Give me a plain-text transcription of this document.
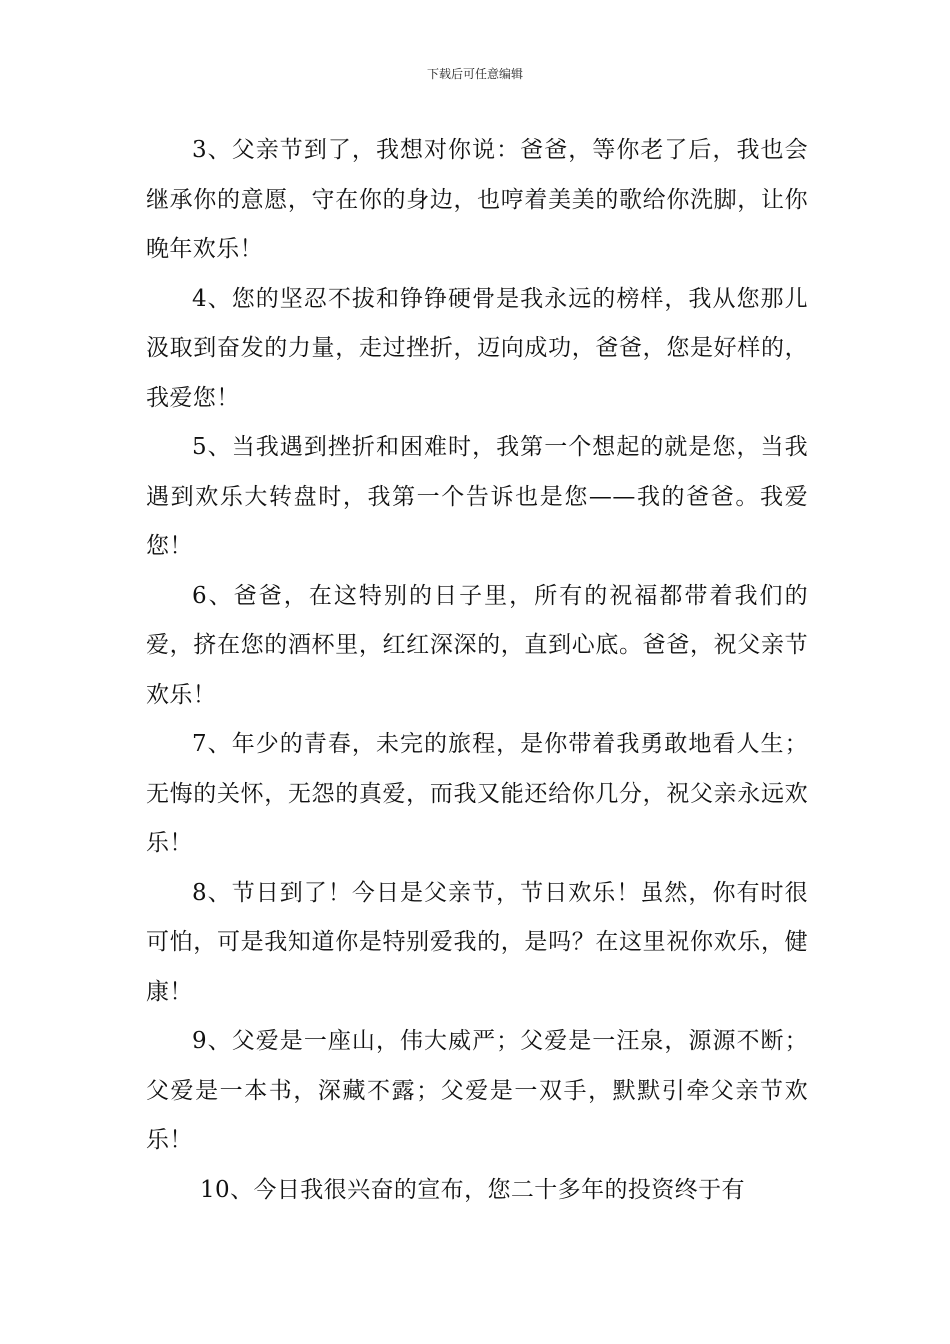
下载后可任意编辑

3、父亲节到了，我想对你说：爸爸，等你老了后，我也会继承你的意愿，守在你的身边，也哼着美美的歌给你洗脚，让你晚年欢乐！

4、您的坚忍不拔和铮铮硬骨是我永远的榜样，我从您那儿汲取到奋发的力量，走过挫折，迈向成功，爸爸，您是好样的，我爱您！

5、当我遇到挫折和困难时，我第一个想起的就是您，当我遇到欢乐大转盘时，我第一个告诉也是您——我的爸爸。我爱您！

6、爸爸，在这特别的日子里，所有的祝福都带着我们的爱，挤在您的酒杯里，红红深深的，直到心底。爸爸，祝父亲节欢乐！

7、年少的青春，未完的旅程，是你带着我勇敢地看人生；无悔的关怀，无怨的真爱，而我又能还给你几分，祝父亲永远欢乐！

8、节日到了！今日是父亲节，节日欢乐！虽然，你有时很可怕，可是我知道你是特别爱我的，是吗？在这里祝你欢乐，健康！

9、父爱是一座山，伟大威严；父爱是一汪泉，源源不断；父爱是一本书，深藏不露；父爱是一双手，默默引牵父亲节欢乐！

10、今日我很兴奋的宣布，您二十多年的投资终于有
